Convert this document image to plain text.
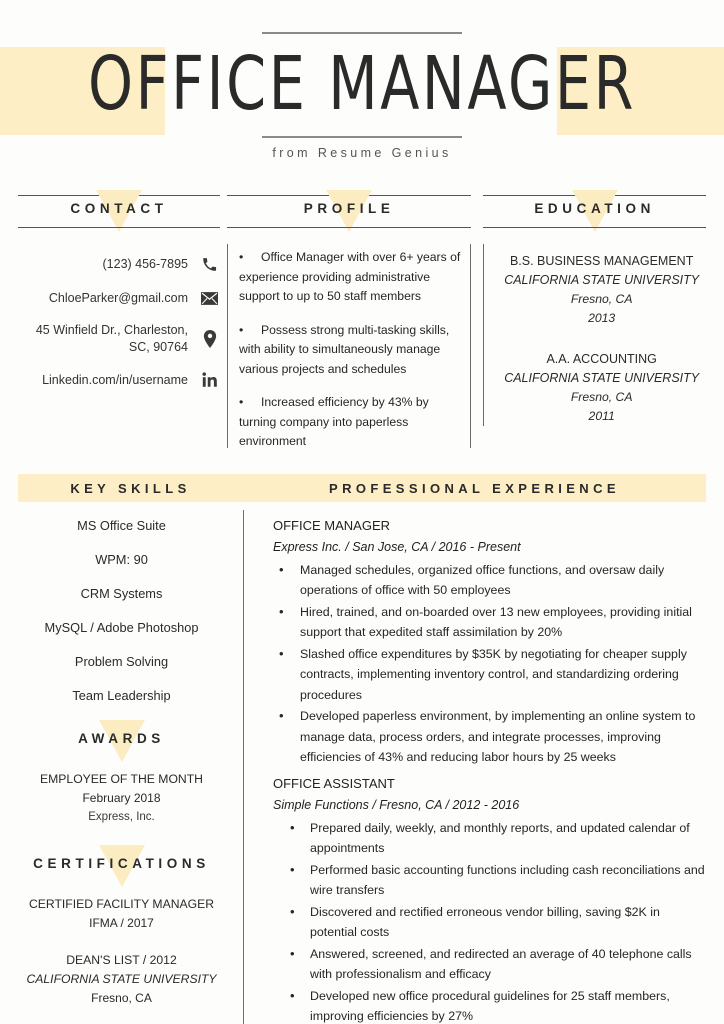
OFFICE MANAGER
from Resume Genius
CONTACT
(123) 456-7895
ChloeParker@gmail.com
45 Winfield Dr., Charleston, SC, 90764
Linkedin.com/in/username
PROFILE
• Office Manager with over 6+ years of experience providing administrative support to up to 50 staff members
• Possess strong multi-tasking skills, with ability to simultaneously manage various projects and schedules
• Increased efficiency by 43% by turning company into paperless environment
EDUCATION
B.S. BUSINESS MANAGEMENT
CALIFORNIA STATE UNIVERSITY
Fresno, CA
2013
A.A. ACCOUNTING
CALIFORNIA STATE UNIVERSITY
Fresno, CA
2011
KEY SKILLS	PROFESSIONAL EXPERIENCE
MS Office Suite
WPM: 90
CRM Systems
MySQL / Adobe Photoshop
Problem Solving
Team Leadership
AWARDS
EMPLOYEE OF THE MONTH
February 2018
Express, Inc.
CERTIFICATIONS
CERTIFIED FACILITY MANAGER
IFMA / 2017
DEAN'S LIST / 2012
CALIFORNIA STATE UNIVERSITY
Fresno, CA
OFFICE MANAGER
Express Inc. / San Jose, CA / 2016 - Present
• Managed schedules, organized office functions, and oversaw daily operations of office with 50 employees
• Hired, trained, and on-boarded over 13 new employees, providing initial support that expedited staff assimilation by 20%
• Slashed office expenditures by $35K by negotiating for cheaper supply contracts, implementing inventory control, and standardizing ordering procedures
• Developed paperless environment, by implementing an online system to manage data, process orders, and integrate processes, improving efficiencies of 43% and reducing labor hours by 25 weeks
OFFICE ASSISTANT
Simple Functions / Fresno, CA / 2012 - 2016
• Prepared daily, weekly, and monthly reports, and updated calendar of appointments
• Performed basic accounting functions including cash reconciliations and wire transfers
• Discovered and rectified erroneous vendor billing, saving $2K in potential costs
• Answered, screened, and redirected an average of 40 telephone calls with professionalism and efficacy
• Developed new office procedural guidelines for 25 staff members, improving efficiencies by 27%
